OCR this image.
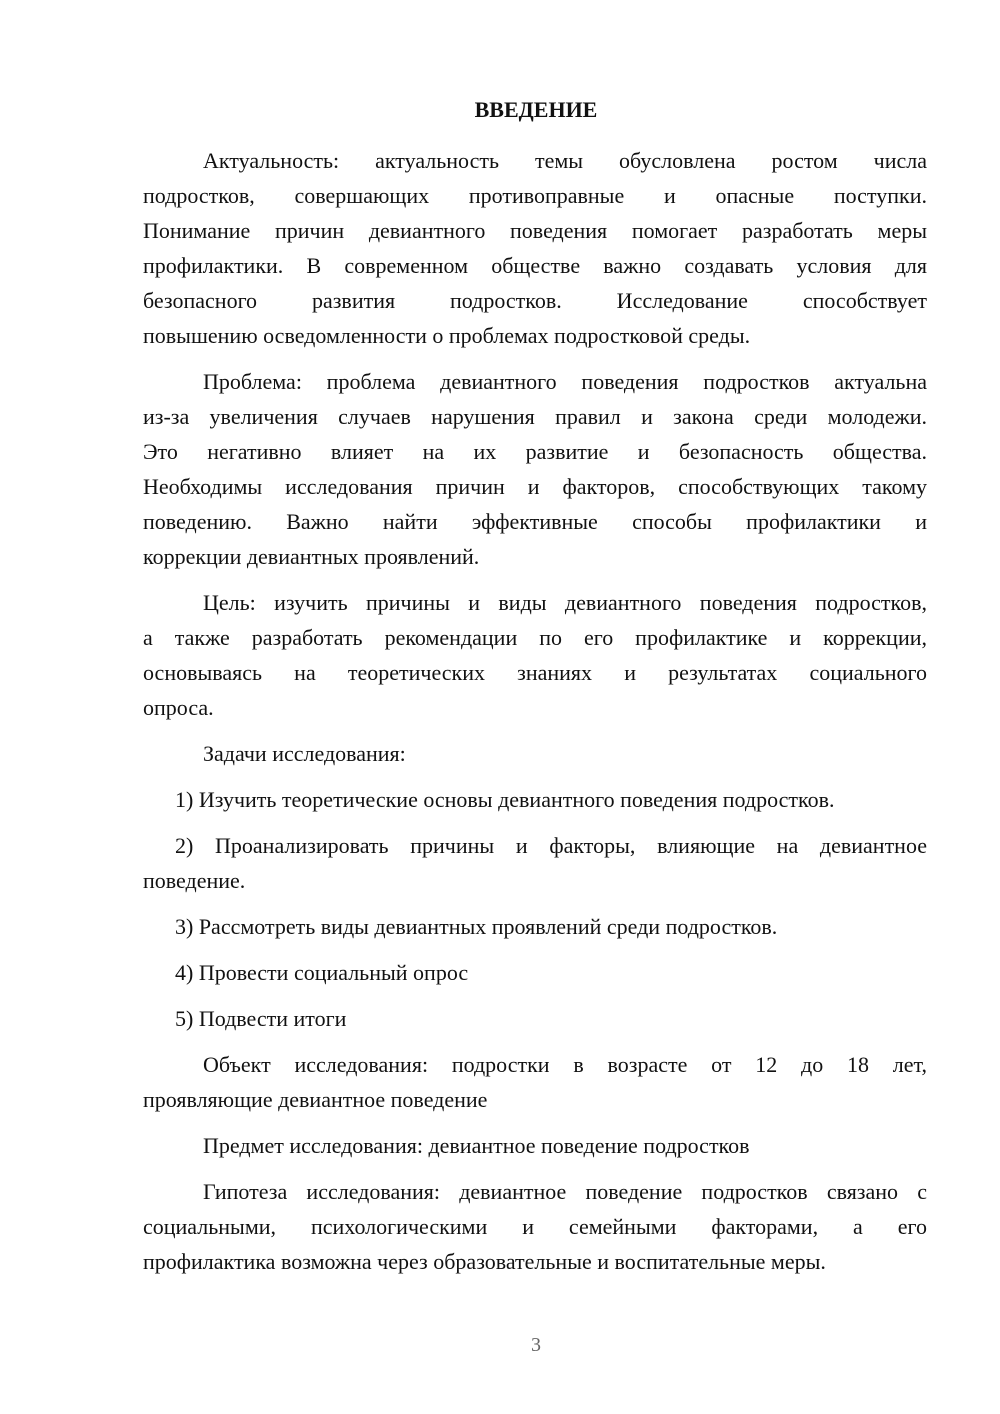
ВВЕДЕНИЕ
Актуальность: актуальность темы обусловлена ростом числа
подростков, совершающих противоправные и опасные поступки.
Понимание причин девиантного поведения помогает разработать меры
профилактики. В современном обществе важно создавать условия для
безопасного развития подростков. Исследование способствует
повышению осведомленности о проблемах подростковой среды.
Проблема: проблема девиантного поведения подростков актуальна
из-за увеличения случаев нарушения правил и закона среди молодежи.
Это негативно влияет на их развитие и безопасность общества.
Необходимы исследования причин и факторов, способствующих такому
поведению. Важно найти эффективные способы профилактики и
коррекции девиантных проявлений.
Цель: изучить причины и виды девиантного поведения подростков,
а также разработать рекомендации по его профилактике и коррекции,
основываясь на теоретических знаниях и результатах социального
опроса.
Задачи исследования:
1) Изучить теоретические основы девиантного поведения подростков.
2) Проанализировать причины и факторы, влияющие на девиантное
поведение.
3) Рассмотреть виды девиантных проявлений среди подростков.
4) Провести социальный опрос
5) Подвести итоги
Объект исследования: подростки в возрасте от 12 до 18 лет,
проявляющие девиантное поведение
Предмет исследования: девиантное поведение подростков
Гипотеза исследования: девиантное поведение подростков связано с
социальными, психологическими и семейными факторами, а его
профилактика возможна через образовательные и воспитательные меры.
3
